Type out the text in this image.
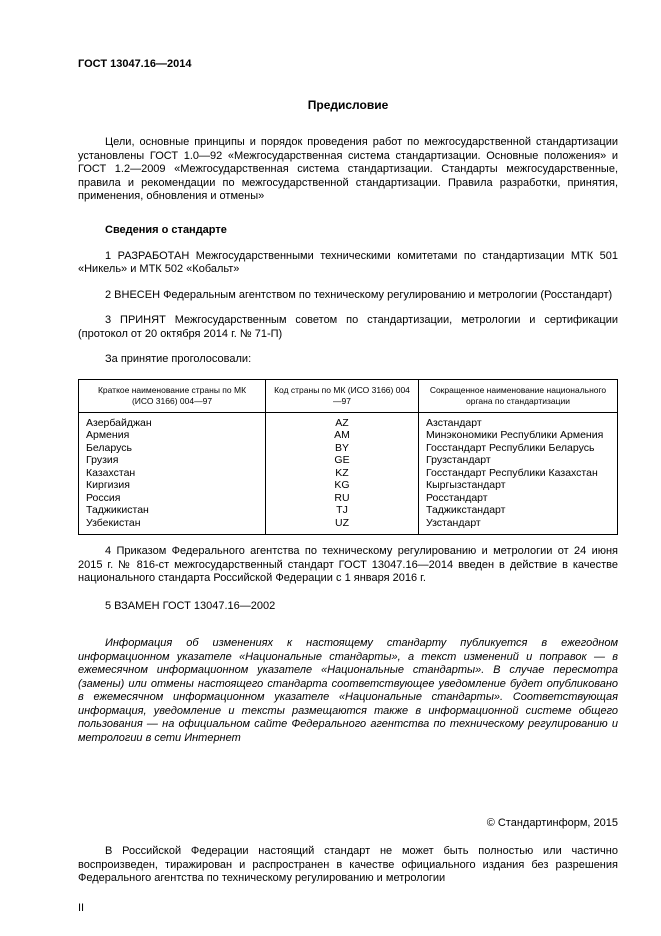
ГОСТ 13047.16—2014
Предисловие

Цели, основные принципы и порядок проведения работ по межгосударственной стандартизации установлены ГОСТ 1.0—92 «Межгосударственная система стандартизации. Основные положения» и ГОСТ 1.2—2009 «Межгосударственная система стандартизации. Стандарты межгосударственные, правила и рекомендации по межгосударственной стандартизации. Правила разработки, принятия, применения, обновления и отмены»

Сведения о стандарте

1 РАЗРАБОТАН Межгосударственными техническими комитетами по стандартизации МТК 501 «Никель» и МТК 502 «Кобальт»

2 ВНЕСЕН Федеральным агентством по техническому регулированию и метрологии (Росстандарт)

3 ПРИНЯТ Межгосударственным советом по стандартизации, метрологии и сертификации (протокол от 20 октября 2014 г. № 71-П)

За принятие проголосовали:

Краткое наименование страны по МК (ИСО 3166) 004—97	Код страны по МК (ИСО 3166) 004—97	Сокращенное наименование национального органа по стандартизации
Азербайджан	AZ	Азстандарт
Армения	AM	Минэкономики Республики Армения
Беларусь	BY	Госстандарт Республики Беларусь
Грузия	GE	Грузстандарт
Казахстан	KZ	Госстандарт Республики Казахстан
Киргизия	KG	Кыргызстандарт
Россия	RU	Росстандарт
Таджикистан	TJ	Таджикстандарт
Узбекистан	UZ	Узстандарт

4 Приказом Федерального агентства по техническому регулированию и метрологии от 24 июня 2015 г. № 816-ст межгосударственный стандарт ГОСТ 13047.16—2014 введен в действие в качестве национального стандарта Российской Федерации с 1 января 2016 г.

5 ВЗАМЕН ГОСТ 13047.16—2002

Информация об изменениях к настоящему стандарту публикуется в ежегодном информационном указателе «Национальные стандарты», а текст изменений и поправок — в ежемесячном информационном указателе «Национальные стандарты». В случае пересмотра (замены) или отмены настоящего стандарта соответствующее уведомление будет опубликовано в ежемесячном информационном указателе «Национальные стандарты». Соответствующая информация, уведомление и тексты размещаются также в информационной системе общего пользования — на официальном сайте Федерального агентства по техническому регулированию и метрологии в сети Интернет

© Стандартинформ, 2015

В Российской Федерации настоящий стандарт не может быть полностью или частично воспроизведен, тиражирован и распространен в качестве официального издания без разрешения Федерального агентства по техническому регулированию и метрологии

II
